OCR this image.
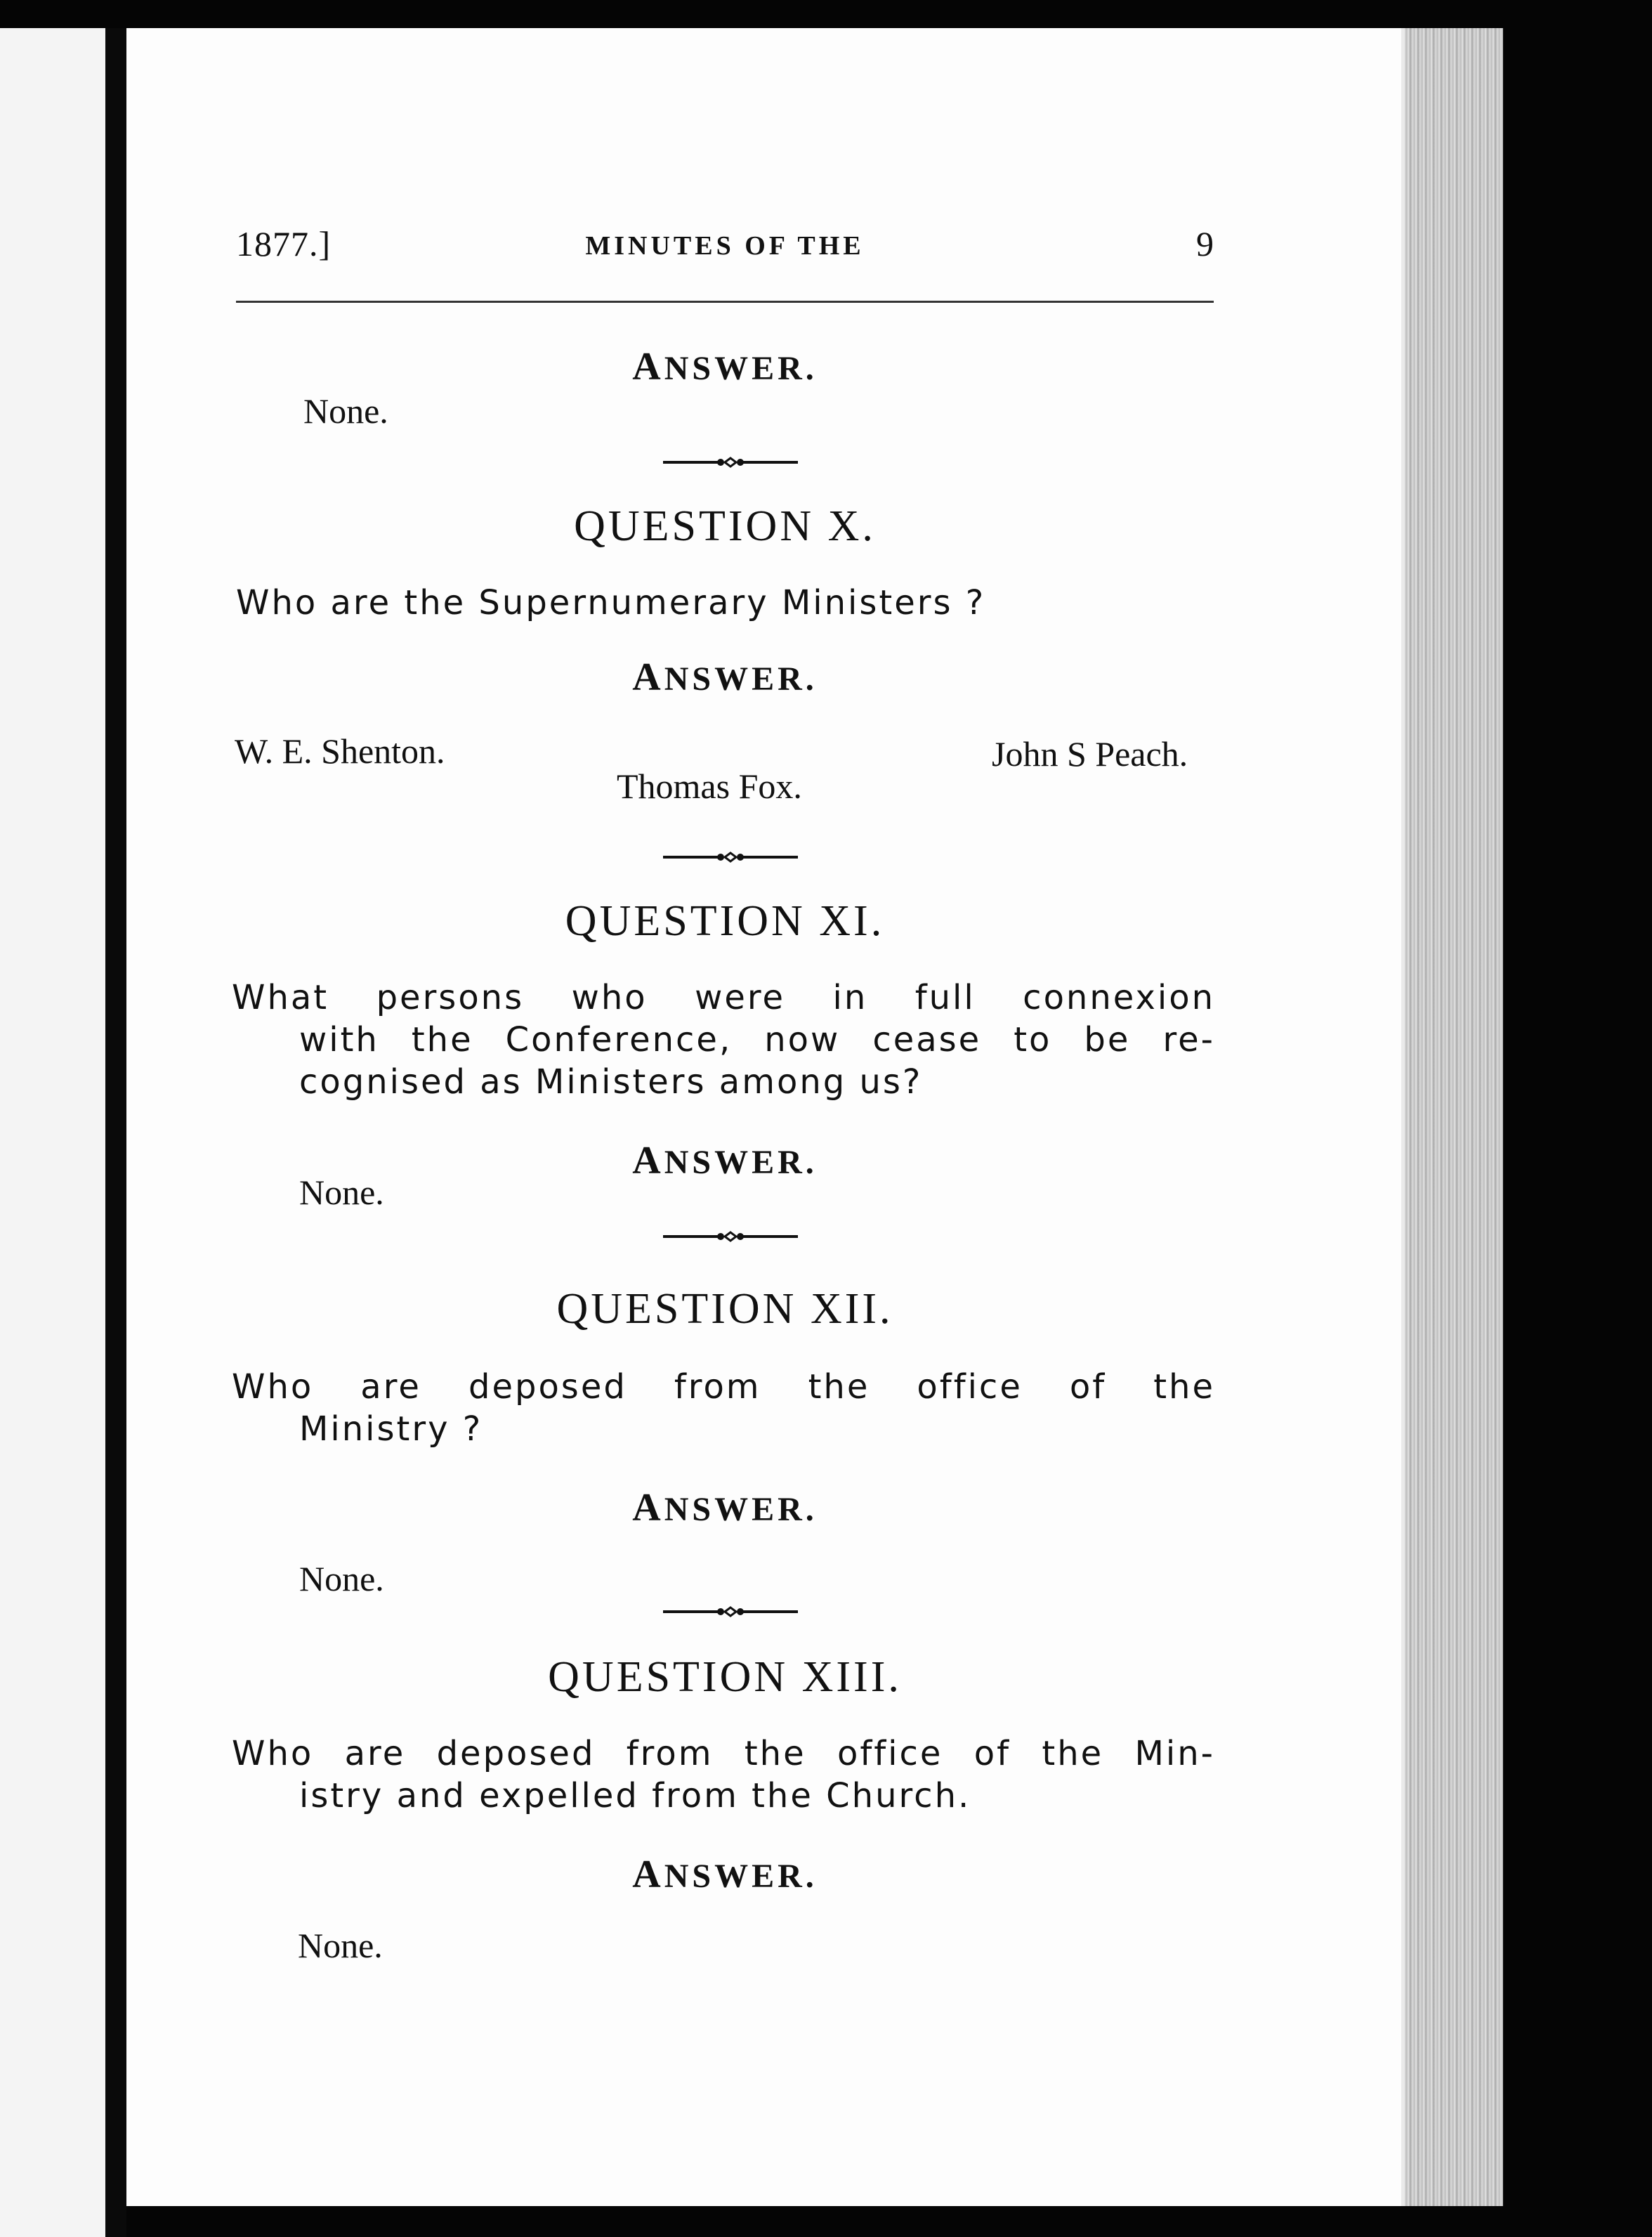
1877.]	MINUTES OF THE	9
ANSWER.
None.
QUESTION X.
Who are the Supernumerary Ministers ?
ANSWER.
W. E. Shenton.
Thomas Fox.
John S Peach.
QUESTION XI.
What persons who were in full connexion
with the Conference, now cease to be re-
cognised as Ministers among us?
ANSWER.
None.
QUESTION XII.
Who are deposed from the office of the
Ministry ?
ANSWER.
None.
QUESTION XIII.
Who are deposed from the office of the Min-
istry and expelled from the Church.
ANSWER.
None.
